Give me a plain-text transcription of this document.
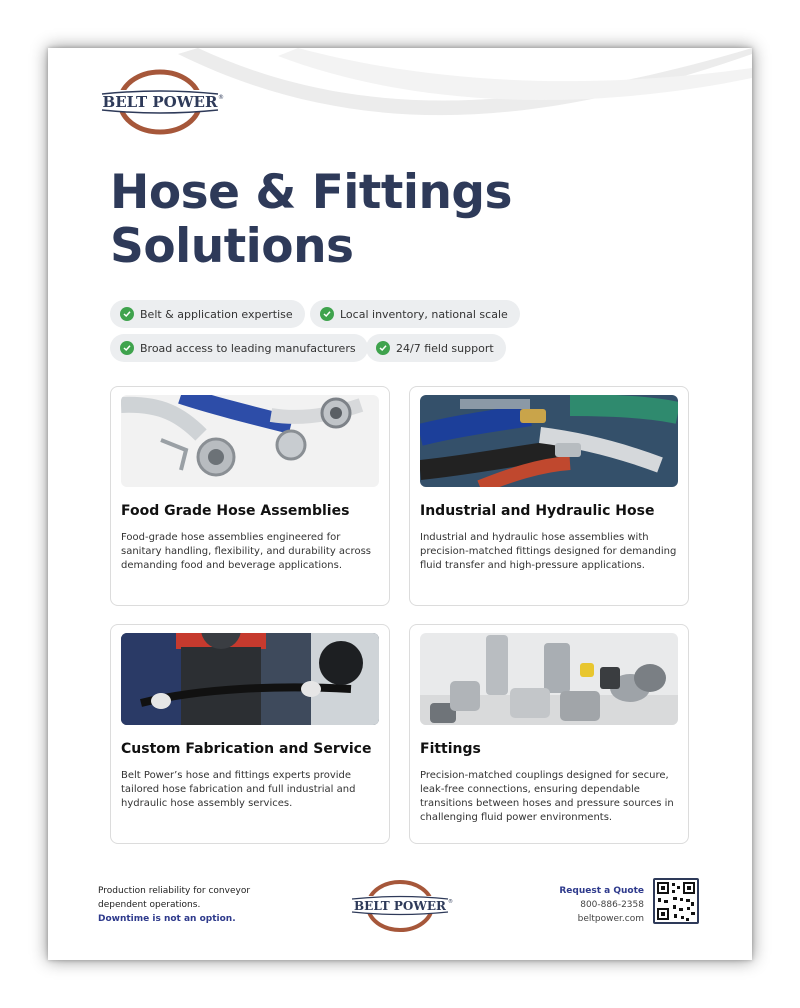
BELT POWER ®
Hose & Fittings
Solutions
Belt & application expertise	Local inventory, national scale
Broad access to leading manufacturers	24/7 field support
Food Grade Hose Assemblies

Food-grade hose assemblies engineered for sanitary handling, flexibility, and durability across demanding food and beverage applications.

Industrial and Hydraulic Hose

Industrial and hydraulic hose assemblies with precision-matched fittings designed for demanding fluid transfer and high-pressure applications.

Custom Fabrication and Service

Belt Power’s hose and fittings experts provide tailored hose fabrication and full industrial and hydraulic hose assembly services.

Fittings

Precision-matched couplings designed for secure, leak-free connections, ensuring dependable transitions between hoses and pressure sources in challenging fluid power environments.

Production reliability for conveyor
dependent operations.
Downtime is not an option.
BELT POWER ®
Request a Quote
800-886-2358
beltpower.com
